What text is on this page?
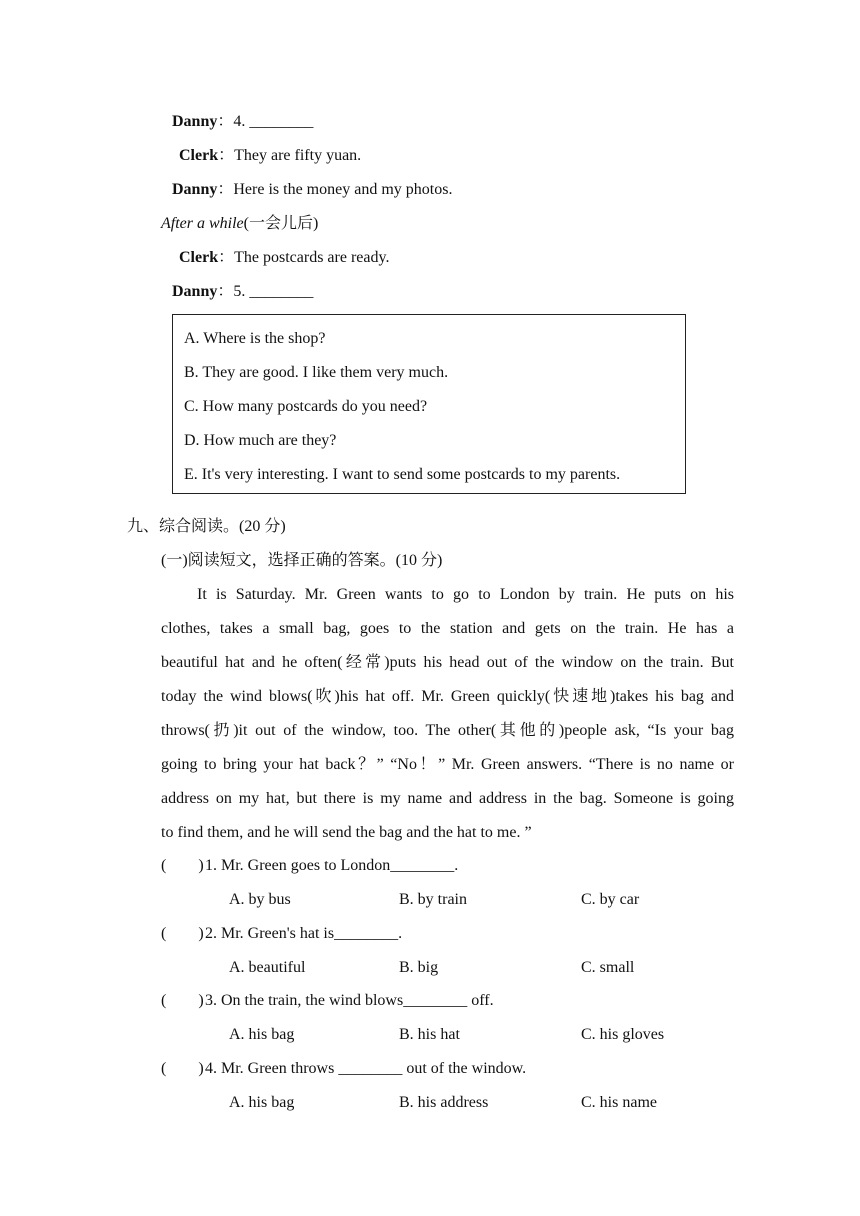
Danny：4. ________
Clerk：They are fifty yuan.
Danny：Here is the money and my photos.
After a while(一会儿后)
Clerk：The postcards are ready.
Danny：5. ________
A. Where is the shop?
B. They are good. I like them very much.
C. How many postcards do you need?
D. How much are they?
E. It's very interesting. I want to send some postcards to my parents.
九、综合阅读。(20 分)
(一)阅读短文，选择正确的答案。(10 分)
It is Saturday. Mr. Green wants to go to London by train. He puts on his
clothes, takes a small bag, goes to the station and gets on the train. He has a
beautiful hat and he often(经常)puts his head out of the window on the train. But
today the wind blows(吹)his hat off. Mr. Green quickly(快速地)takes his bag and
throws(扔)it out of the window, too. The other(其他的)people ask, “Is your bag
going to bring your hat back？” “No！” Mr. Green answers. “There is no name or
address on my hat, but there is my name and address in the bag. Someone is going
to find them, and he will send the bag and the hat to me. ”
(        )1. Mr. Green goes to London________.
A. by bus	B. by train	C. by car
(        )2. Mr. Green's hat is________.
A. beautiful	B. big	C. small
(        )3. On the train, the wind blows________ off.
A. his bag	B. his hat	C. his gloves
(        )4. Mr. Green throws ________ out of the window.
A. his bag	B. his address	C. his name
